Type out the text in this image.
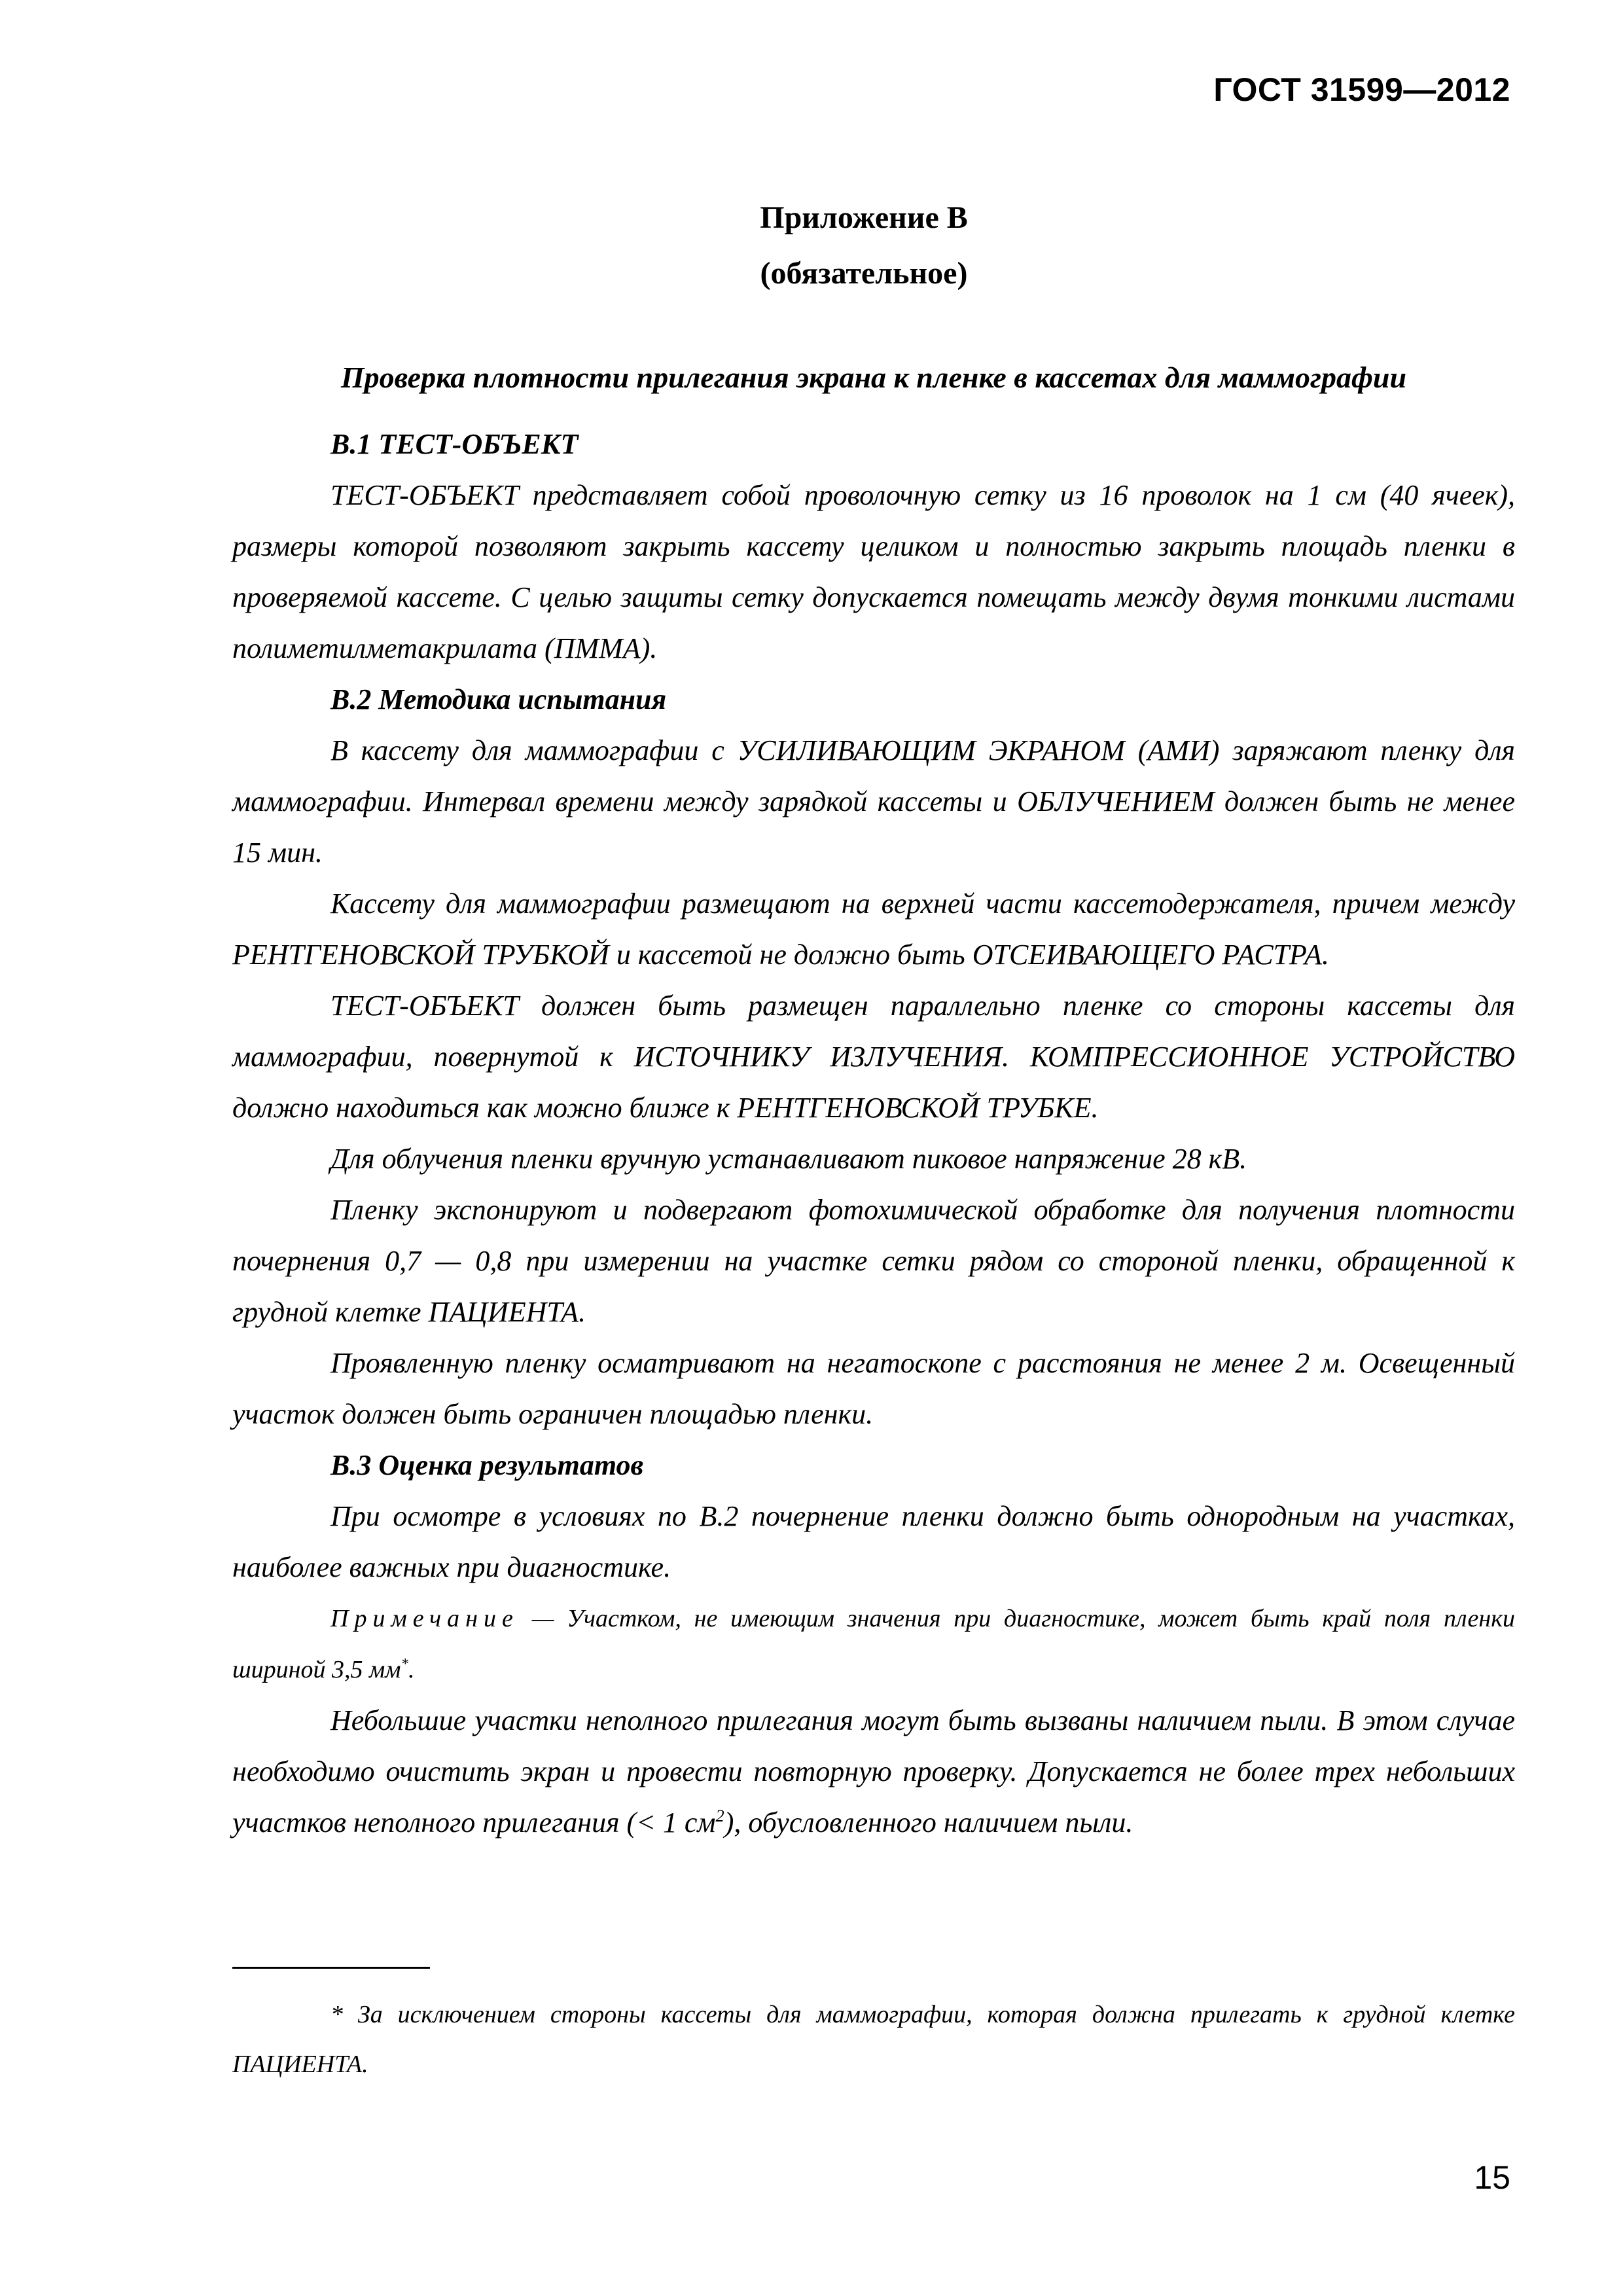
ГОСТ 31599—2012
Приложение В
(обязательное)
Проверка плотности прилегания экрана к пленке в кассетах для маммографии

В.1 ТЕСТ-ОБЪЕКТ

ТЕСТ-ОБЪЕКТ представляет собой проволочную сетку из 16 проволок на 1 см (40 ячеек), размеры которой позволяют закрыть кассету целиком и полностью закрыть площадь пленки в проверяемой кассете. С целью защиты сетку допускается помещать между двумя тонкими листами полиметилметакрилата (ПММА).

В.2 Методика испытания

В кассету для маммографии с УСИЛИВАЮЩИМ ЭКРАНОМ (АМИ) заряжают пленку для маммографии. Интервал времени между зарядкой кассеты и ОБЛУЧЕНИЕМ должен быть не менее 15 мин.

Кассету для маммографии размещают на верхней части кассетодержателя, причем между РЕНТГЕНОВСКОЙ ТРУБКОЙ и кассетой не должно быть ОТСЕИВАЮЩЕГО РАСТРА.

ТЕСТ-ОБЪЕКТ должен быть размещен параллельно пленке со стороны кассеты для маммографии, повернутой к ИСТОЧНИКУ ИЗЛУЧЕНИЯ. КОМПРЕССИОННОЕ УСТРОЙСТВО должно находиться как можно ближе к РЕНТГЕНОВСКОЙ ТРУБКЕ.

Для облучения пленки вручную устанавливают пиковое напряжение 28 кВ.

Пленку экспонируют и подвергают фотохимической обработке для получения плотности почернения 0,7 — 0,8 при измерении на участке сетки рядом со стороной пленки, обращенной к грудной клетке ПАЦИЕНТА.

Проявленную пленку осматривают на негатоскопе с расстояния не менее 2 м. Освещенный участок должен быть ограничен площадью пленки.

В.3 Оценка результатов

При осмотре в условиях по В.2 почернение пленки должно быть однородным на участках, наиболее важных при диагностике.

Примечание — Участком, не имеющим значения при диагностике, может быть край поля пленки шириной 3,5 мм*.

Небольшие участки неполного прилегания могут быть вызваны наличием пыли. В этом случае необходимо очистить экран и провести повторную проверку. Допускается не более трех небольших участков неполного прилегания (< 1 $см^2$), обусловленного наличием пыли.

* За исключением стороны кассеты для маммографии, которая должна прилегать к грудной клетке ПАЦИЕНТА.
15
